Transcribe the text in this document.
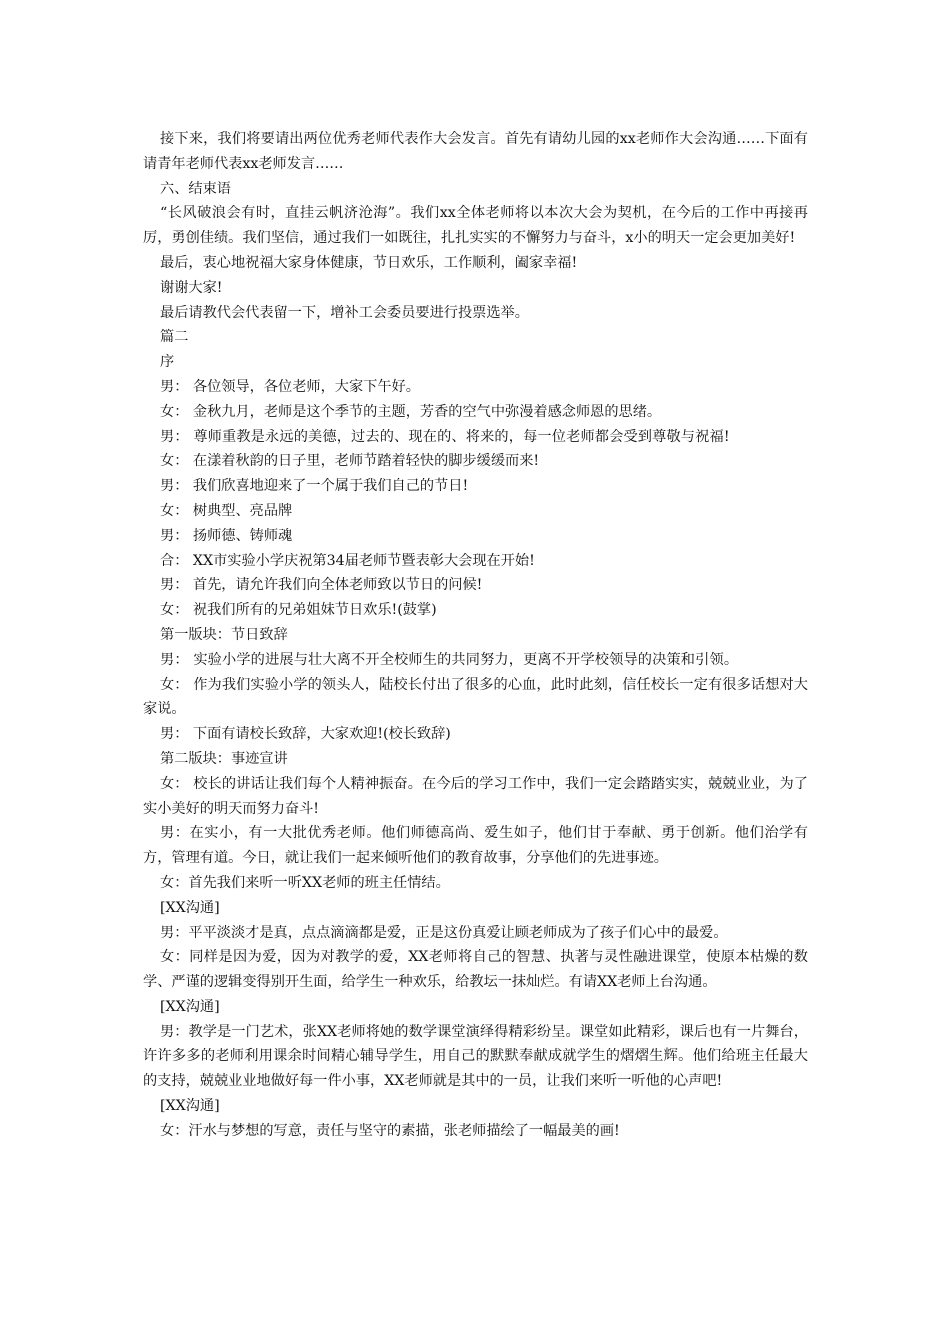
接下来，我们将要请出两位优秀老师代表作大会发言。首先有请幼儿园的xx老师作大会沟通……下面有请青年老师代表xx老师发言……

六、结束语

“长风破浪会有时，直挂云帆济沧海”。我们xx全体老师将以本次大会为契机，在今后的工作中再接再厉，勇创佳绩。我们坚信，通过我们一如既往，扎扎实实的不懈努力与奋斗，x小的明天一定会更加美好!

最后，衷心地祝福大家身体健康，节日欢乐，工作顺利，阖家幸福!

谢谢大家!

最后请教代会代表留一下，增补工会委员要进行投票选举。

篇二

序

男： 各位领导，各位老师，大家下午好。

女： 金秋九月，老师是这个季节的主题，芳香的空气中弥漫着感念师恩的思绪。

男： 尊师重教是永远的美德，过去的、现在的、将来的，每一位老师都会受到尊敬与祝福!

女： 在漾着秋韵的日子里，老师节踏着轻快的脚步缓缓而来!

男： 我们欣喜地迎来了一个属于我们自己的节日!

女： 树典型、亮品牌

男： 扬师德、铸师魂

合： XX市实验小学庆祝第34届老师节暨表彰大会现在开始!

男： 首先，请允许我们向全体老师致以节日的问候!

女： 祝我们所有的兄弟姐妹节日欢乐!(鼓掌)

第一版块：节日致辞

男： 实验小学的进展与壮大离不开全校师生的共同努力，更离不开学校领导的决策和引领。

女： 作为我们实验小学的领头人，陆校长付出了很多的心血，此时此刻，信任校长一定有很多话想对大家说。

男： 下面有请校长致辞，大家欢迎!(校长致辞)

第二版块：事迹宣讲

女： 校长的讲话让我们每个人精神振奋。在今后的学习工作中，我们一定会踏踏实实，兢兢业业，为了实小美好的明天而努力奋斗!

男：在实小，有一大批优秀老师。他们师德高尚、爱生如子，他们甘于奉献、勇于创新。他们治学有方，管理有道。今日，就让我们一起来倾听他们的教育故事，分享他们的先进事迹。

女：首先我们来听一听XX老师的班主任情结。

[XX沟通]

男：平平淡淡才是真，点点滴滴都是爱，正是这份真爱让顾老师成为了孩子们心中的最爱。

女：同样是因为爱，因为对教学的爱，XX老师将自己的智慧、执著与灵性融进课堂，使原本枯燥的数学、严谨的逻辑变得别开生面，给学生一种欢乐，给教坛一抹灿烂。有请XX老师上台沟通。

[XX沟通]

男：教学是一门艺术，张XX老师将她的数学课堂演绎得精彩纷呈。课堂如此精彩，课后也有一片舞台，许许多多的老师利用课余时间精心辅导学生，用自己的默默奉献成就学生的熠熠生辉。他们给班主任最大的支持，兢兢业业地做好每一件小事，XX老师就是其中的一员，让我们来听一听他的心声吧!

[XX沟通]

女：汗水与梦想的写意，责任与坚守的素描，张老师描绘了一幅最美的画!
